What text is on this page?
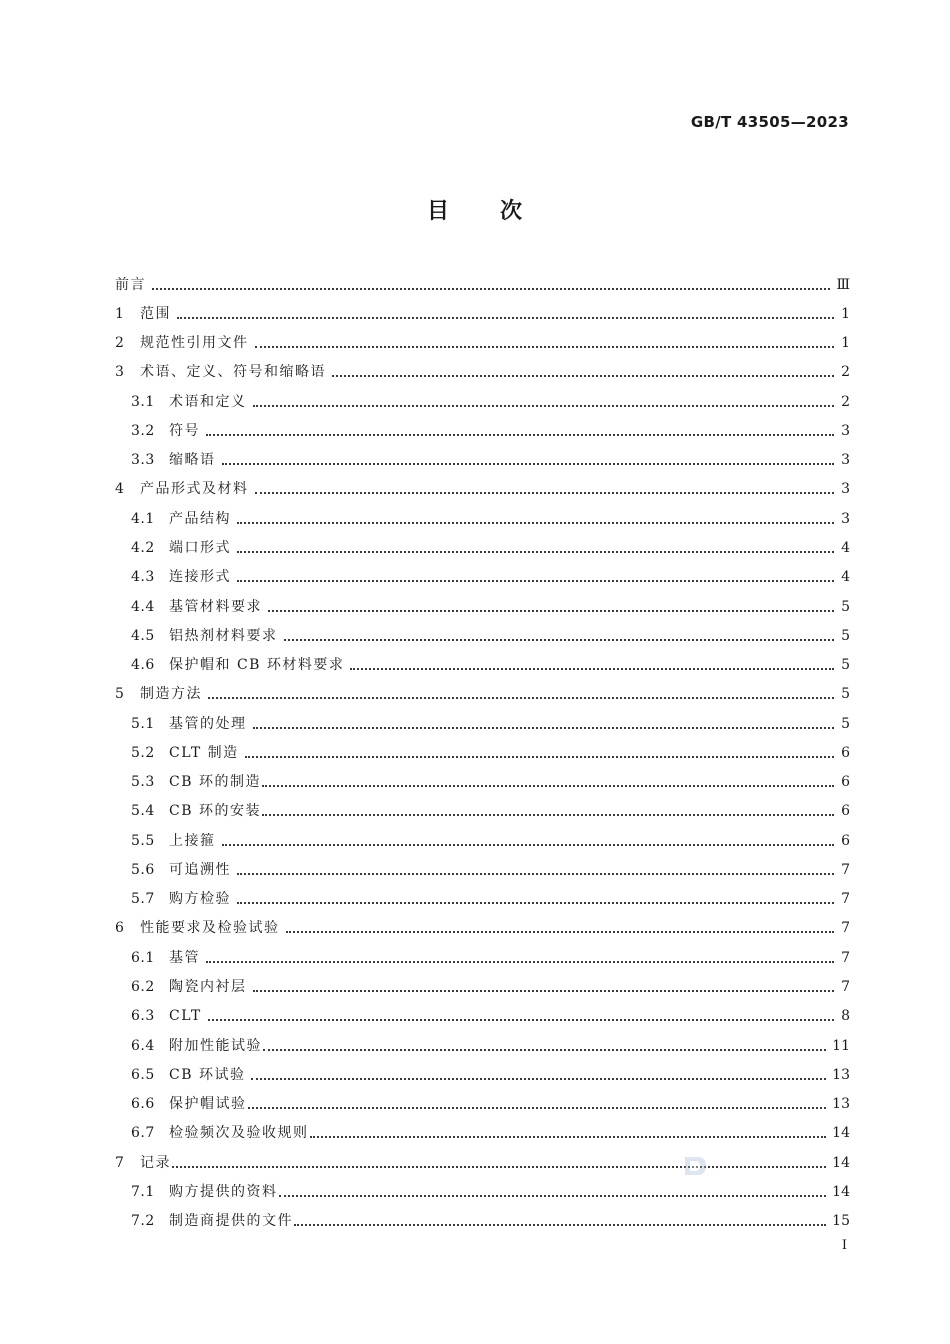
GB/T 43505—2023
目 次
前言	Ⅲ
1	范围	1
2	规范性引用文件	1
3	术语、定义、符号和缩略语	2
3.1	术语和定义	2
3.2	符号	3
3.3	缩略语	3
4	产品形式及材料	3
4.1	产品结构	3
4.2	端口形式	4
4.3	连接形式	4
4.4	基管材料要求	5
4.5	铝热剂材料要求	5
4.6	保护帽和 CB 环材料要求	5
5	制造方法	5
5.1	基管的处理	5
5.2	CLT 制造	6
5.3	CB 环的制造	6
5.4	CB 环的安装	6
5.5	上接箍	6
5.6	可追溯性	7
5.7	购方检验	7
6	性能要求及检验试验	7
6.1	基管	7
6.2	陶瓷内衬层	7
6.3	CLT	8
6.4	附加性能试验	11
6.5	CB 环试验	13
6.6	保护帽试验	13
6.7	检验频次及验收规则	14
7	记录	14
7.1	购方提供的资料	14
7.2	制造商提供的文件	15
I
